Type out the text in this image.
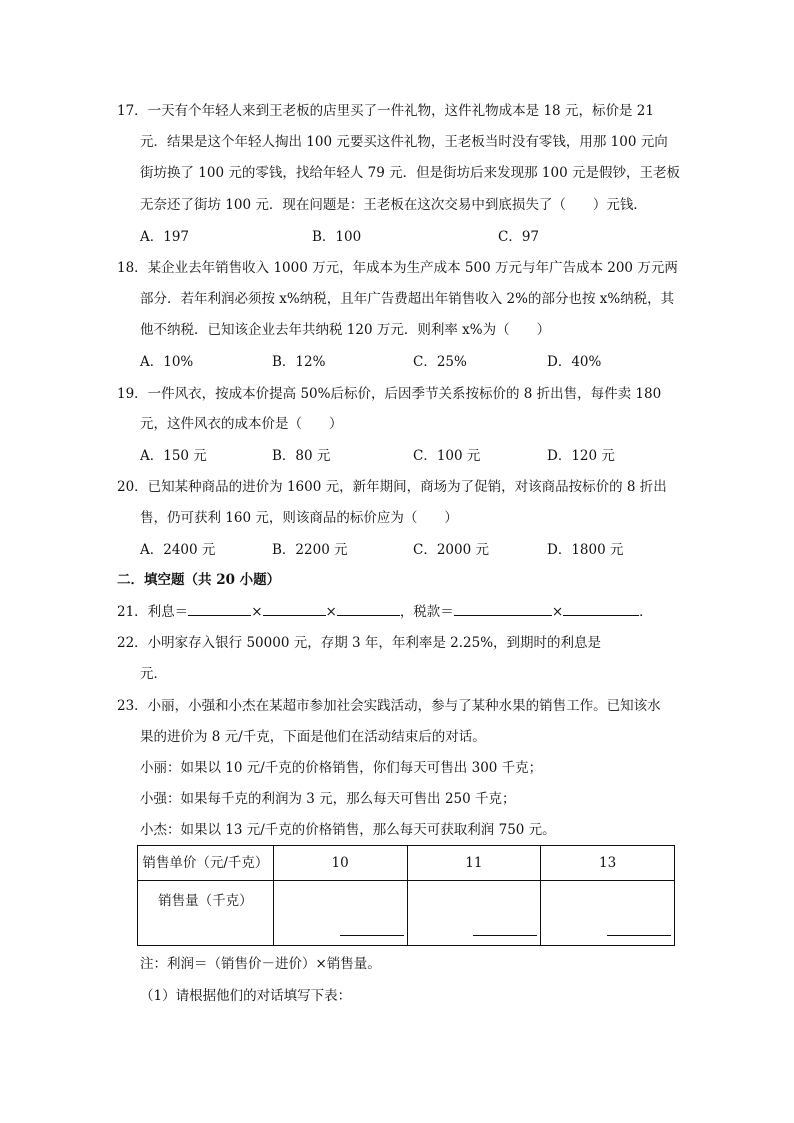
17．一天有个年轻人来到王老板的店里买了一件礼物，这件礼物成本是 18 元，标价是 21
元．结果是这个年轻人掏出 100 元要买这件礼物，王老板当时没有零钱，用那 100 元向
街坊换了 100 元的零钱，找给年轻人 79 元．但是街坊后来发现那 100 元是假钞，王老板
无奈还了街坊 100 元．现在问题是：王老板在这次交易中到底损失了（　　）元钱．
A．197	B．100	C．97
18．某企业去年销售收入 1000 万元，年成本为生产成本 500 万元与年广告成本 200 万元两
部分．若年利润必须按 x%纳税，且年广告费超出年销售收入 2%的部分也按 x%纳税，其
他不纳税．已知该企业去年共纳税 120 万元．则利率 x%为（　　）
A．10%	B．12%	C．25%	D．40%
19．一件风衣，按成本价提高 50%后标价，后因季节关系按标价的 8 折出售，每件卖 180
元，这件风衣的成本价是（　　）
A．150 元	B．80 元	C．100 元	D．120 元
20．已知某种商品的进价为 1600 元，新年期间，商场为了促销，对该商品按标价的 8 折出
售，仍可获利 160 元，则该商品的标价应为（　　）
A．2400 元	B．2200 元	C．2000 元	D．1800 元
二．填空题（共 20 小题）
21．利息＝	×	×	，税款＝	×	．
22．小明家存入银行 50000 元，存期 3 年，年利率是 2.25%，到期时的利息是
元．
23．小丽，小强和小杰在某超市参加社会实践活动，参与了某种水果的销售工作。已知该水
果的进价为 8 元/千克，下面是他们在活动结束后的对话。
小丽：如果以 10 元/千克的价格销售，你们每天可售出 300 千克；
小强：如果每千克的利润为 3 元，那么每天可售出 250 千克；
小杰：如果以 13 元/千克的价格销售，那么每天可获取利润 750 元。
销售单价（元/千克）	10	11	13

销售量（千克）			

注：利润＝（销售价－进价）×销售量。
（1）请根据他们的对话填写下表：
